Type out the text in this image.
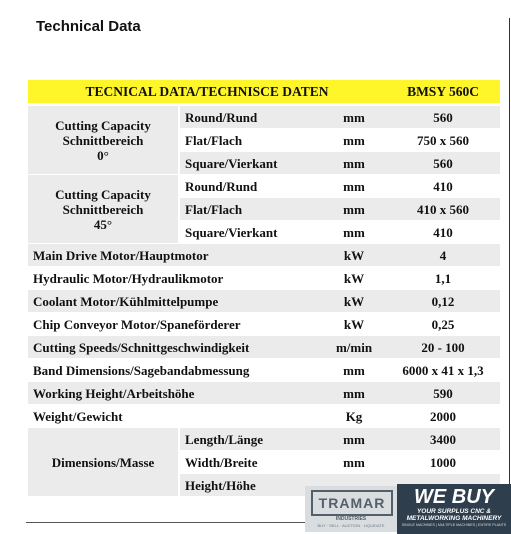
Technical Data
TECNICAL DATA/TECHNISCE DATEN			BMSY 560C
Cutting Capacity
Schnittbereich
0°	Round/Rund	mm	560
	Flat/Flach	mm	750 x 560
	Square/Vierkant	mm	560
Cutting Capacity
Schnittbereich
45°	Round/Rund	mm	410
	Flat/Flach	mm	410 x 560
	Square/Vierkant	mm	410
Main Drive Motor/Hauptmotor		kW	4
Hydraulic Motor/Hydraulikmotor		kW	1,1
Coolant Motor/Kühlmittelpumpe		kW	0,12
Chip Conveyor Motor/Spaneförderer		kW	0,25
Cutting Speeds/Schnittgeschwindigkeit		m/min	20 - 100
Band Dimensions/Sagebandabmessung		mm	6000 x 41 x 1,3
Working Height/Arbeitshöhe		mm	590
Weight/Gewicht		Kg	2000
Dimensions/Masse	Length/Länge	mm	3400
	Width/Breite	mm	1000
	Height/Höhe		
TRAMAR
INDUSTRIES
BUY · SELL · AUCTION · LIQUIDATE
WE BUY
YOUR SURPLUS CNC &
METALWORKING MACHINERY
SINGLE MACHINES | MULTIPLE MACHINES | ENTIRE PLANTS
